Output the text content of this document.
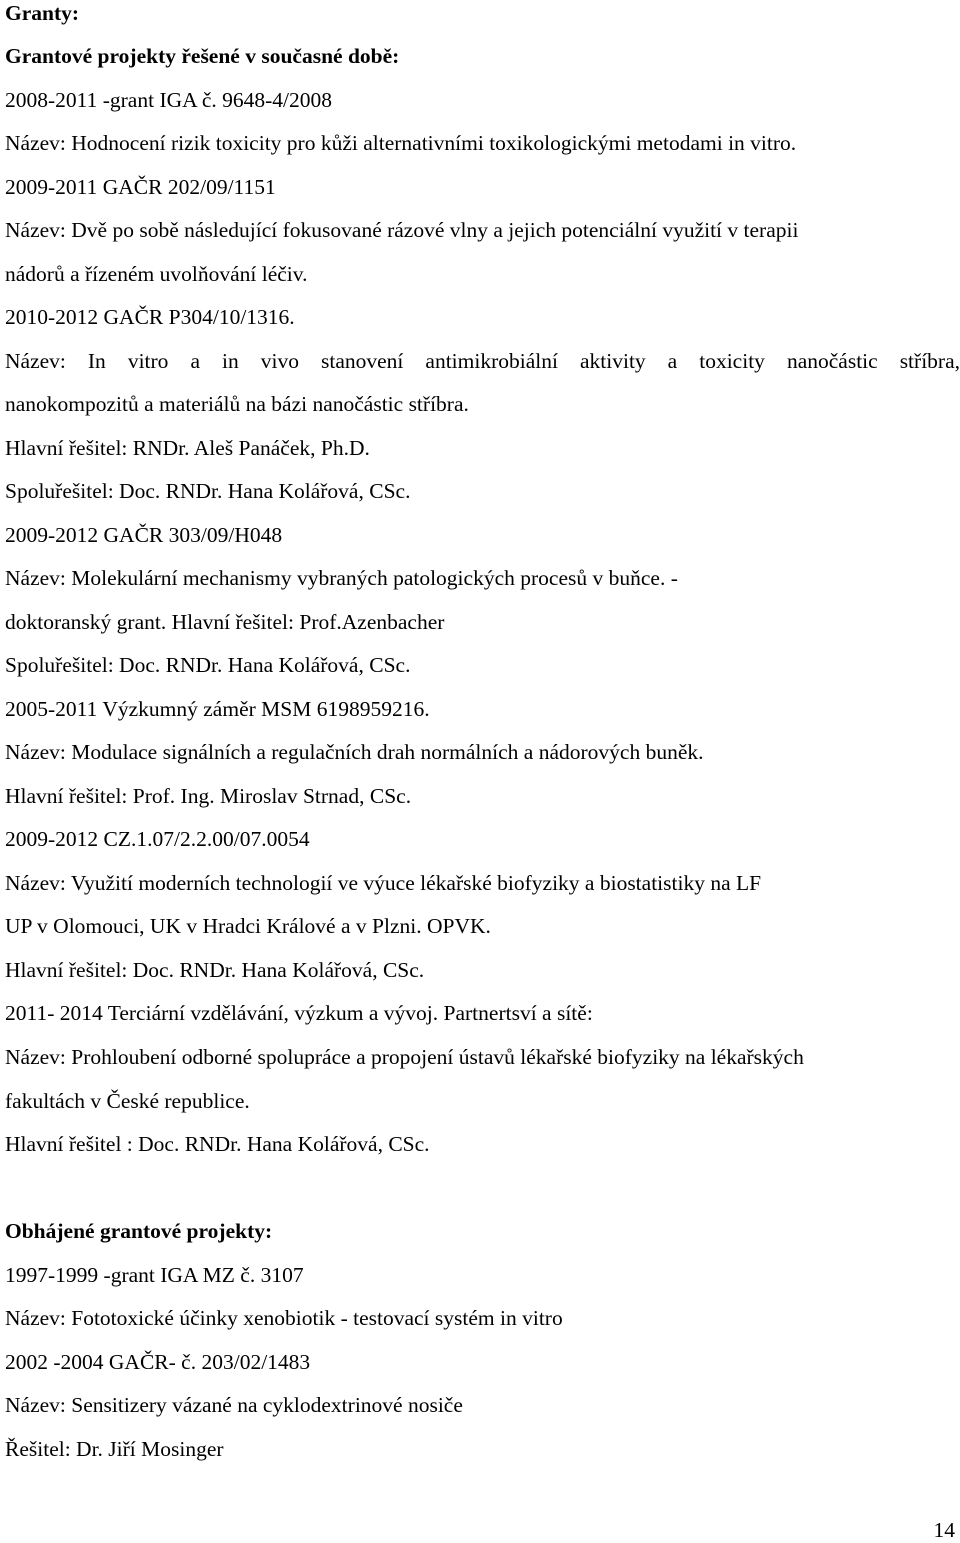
Granty:
Grantové projekty řešené v současné době:
2008-2011 -grant IGA č. 9648-4/2008
Název: Hodnocení rizik toxicity pro kůži alternativními toxikologickými metodami in vitro.
2009-2011 GAČR 202/09/1151
Název: Dvě po sobě následující fokusované rázové vlny a jejich potenciální využití v terapii
nádorů a řízeném uvolňování léčiv.
2010-2012 GAČR P304/10/1316.
Název: In vitro a in vivo stanovení antimikrobiální aktivity a toxicity nanočástic stříbra,
nanokompozitů a materiálů na bázi nanočástic stříbra.
Hlavní řešitel: RNDr. Aleš Panáček, Ph.D.
Spoluřešitel: Doc. RNDr. Hana Kolářová, CSc.
2009-2012 GAČR 303/09/H048
Název: Molekulární mechanismy vybraných patologických procesů v buňce. -
doktoranský grant. Hlavní řešitel: Prof.Azenbacher
Spoluřešitel: Doc. RNDr. Hana Kolářová, CSc.
2005-2011 Výzkumný záměr MSM 6198959216.
Název: Modulace signálních a regulačních drah normálních a nádorových buněk.
Hlavní řešitel: Prof. Ing. Miroslav Strnad, CSc.
2009-2012 CZ.1.07/2.2.00/07.0054
Název: Využití moderních technologií ve výuce lékařské biofyziky a biostatistiky na LF
UP v Olomouci, UK v Hradci Králové a v Plzni. OPVK.
Hlavní řešitel: Doc. RNDr. Hana Kolářová, CSc.
2011- 2014 Terciární vzdělávání, výzkum a vývoj. Partnertsví a sítě:
Název: Prohloubení odborné spolupráce a propojení ústavů lékařské biofyziky na lékařských
fakultách v České republice.
Hlavní řešitel : Doc. RNDr. Hana Kolářová, CSc.
Obhájené grantové projekty:
1997-1999 -grant IGA MZ č. 3107
Název: Fototoxické účinky xenobiotik - testovací systém in vitro
2002 -2004 GAČR- č. 203/02/1483
Název: Sensitizery vázané na cyklodextrinové nosiče
Řešitel: Dr. Jiří Mosinger
14
